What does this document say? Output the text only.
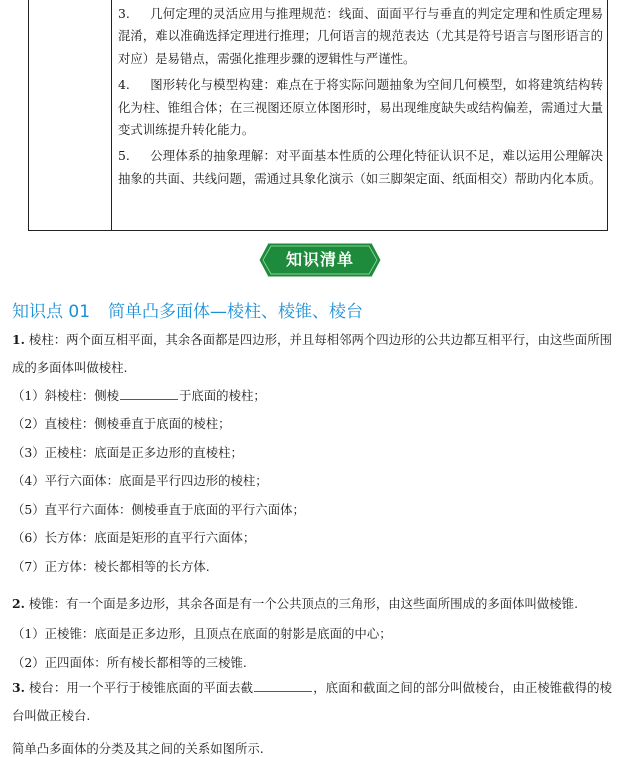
3. 几何定理的灵活应用与推理规范：线面、面面平行与垂直的判定定理和性质定理易混淆，难以准确选择定理进行推理；几何语言的规范表达（尤其是符号语言与图形语言的对应）是易错点，需强化推理步骤的逻辑性与严谨性。

4. 图形转化与模型构建：难点在于将实际问题抽象为空间几何模型，如将建筑结构转化为柱、锥组合体；在三视图还原立体图形时，易出现维度缺失或结构偏差，需通过大量变式训练提升转化能力。

5. 公理体系的抽象理解：对平面基本性质的公理化特征认识不足，难以运用公理解决抽象的共面、共线问题，需通过具象化演示（如三脚架定面、纸面相交）帮助内化本质。

知识清单
知识点 01 简单凸多面体—棱柱、棱锥、棱台
1. 棱柱：两个面互相平面，其余各面都是四边形，并且每相邻两个四边形的公共边都互相平行，由这些面所围成的多面体叫做棱柱.
（1）斜棱柱：侧棱	于底面的棱柱；
（2）直棱柱：侧棱垂直于底面的棱柱；
（3）正棱柱：底面是正多边形的直棱柱；
（4）平行六面体：底面是平行四边形的棱柱；
（5）直平行六面体：侧棱垂直于底面的平行六面体；
（6）长方体：底面是矩形的直平行六面体；
（7）正方体：棱长都相等的长方体.
2. 棱锥：有一个面是多边形，其余各面是有一个公共顶点的三角形，由这些面所围成的多面体叫做棱锥.
（1）正棱锥：底面是正多边形，且顶点在底面的射影是底面的中心；
（2）正四面体：所有棱长都相等的三棱锥.
3. 棱台：用一个平行于棱锥底面的平面去截	，底面和截面之间的部分叫做棱台，由正棱锥截得的棱台叫做正棱台.
简单凸多面体的分类及其之间的关系如图所示.
